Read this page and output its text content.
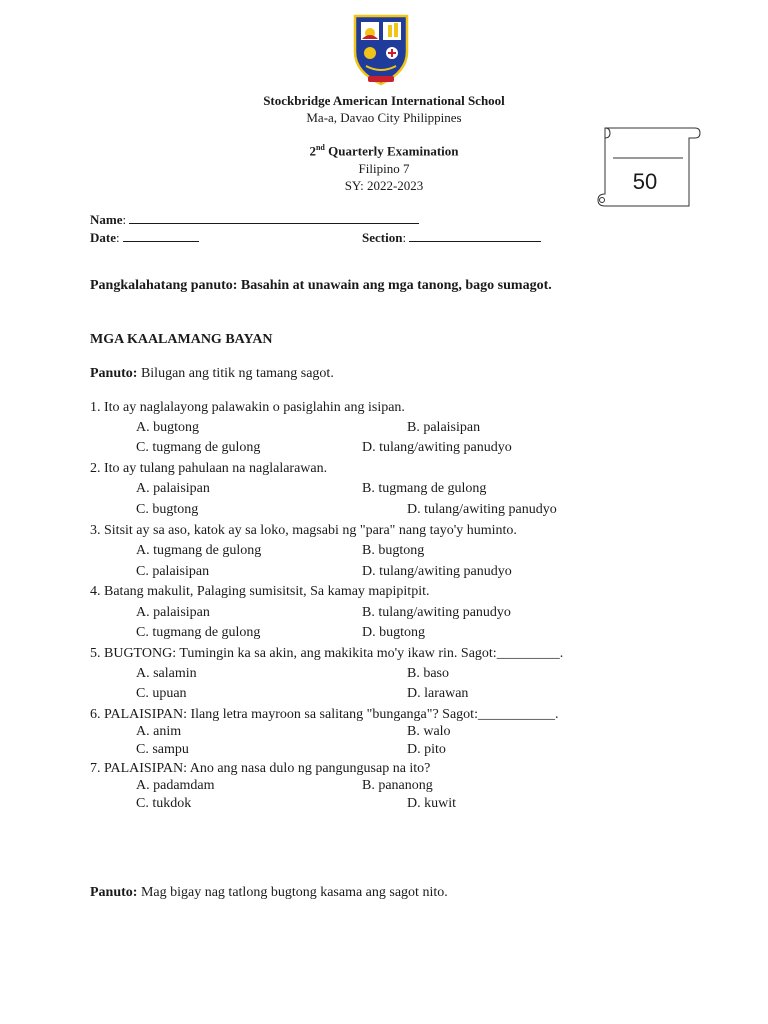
Stockbridge American International School
Ma-a, Davao City Philippines
2nd Quarterly Examination
Filipino 7
SY: 2022-2023	50
Name:
Date:	Section:
Pangkalahatang panuto: Basahin at unawain ang mga tanong, bago sumagot.
MGA KAALAMANG BAYAN
Panuto: Bilugan ang titik ng tamang sagot.
1. Ito ay naglalayong palawakin o pasiglahin ang isipan.
A. bugtong	B. palaisipan
C. tugmang de gulong	D. tulang/awiting panudyo
2. Ito ay tulang pahulaan na naglalarawan.
A. palaisipan	B. tugmang de gulong
C. bugtong	D. tulang/awiting panudyo
3. Sitsit ay sa aso, katok ay sa loko, magsabi ng "para" nang tayo'y huminto.
A. tugmang de gulong	B. bugtong
C. palaisipan	D. tulang/awiting panudyo
4. Batang makulit, Palaging sumisitsit, Sa kamay mapipitpit.
A. palaisipan	B. tulang/awiting panudyo
C. tugmang de gulong	D. bugtong
5. BUGTONG: Tumingin ka sa akin, ang makikita mo'y ikaw rin. Sagot:_________.
A. salamin	B. baso
C. upuan	D. larawan
6. PALAISIPAN: Ilang letra mayroon sa salitang "bunganga"? Sagot:___________.
A. anim	B. walo
C. sampu	D. pito
7. PALAISIPAN: Ano ang nasa dulo ng pangungusap na ito?
A. padamdam	B. pananong
C. tukdok	D. kuwit
Panuto: Mag bigay nag tatlong bugtong kasama ang sagot nito.
